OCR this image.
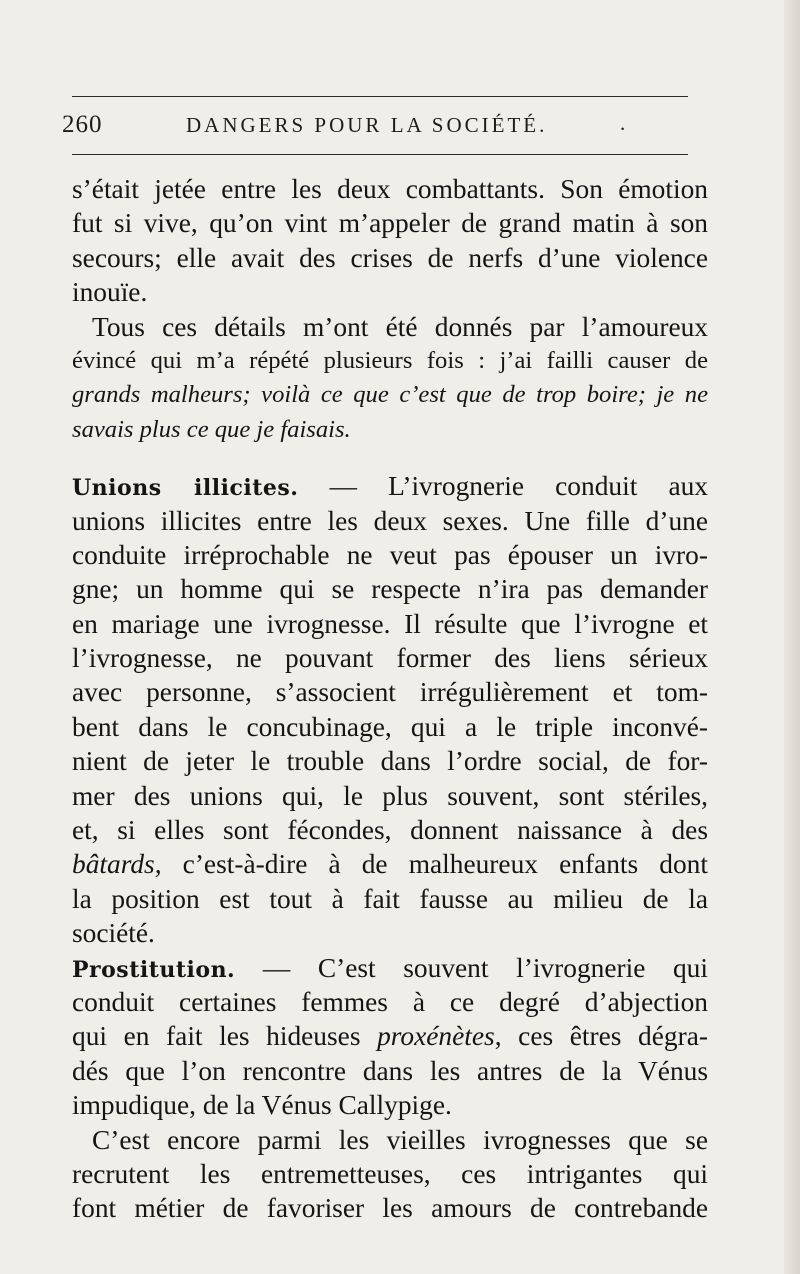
260	DANGERS POUR LA SOCIÉTÉ.	.
s’était jetée entre les deux combattants. Son émotion
fut si vive, qu’on vint m’appeler de grand matin à son
secours; elle avait des crises de nerfs d’une violence
inouïe.
Tous ces détails m’ont été donnés par l’amoureux
évincé qui m’a répété plusieurs fois : j’ai failli causer de
grands malheurs; voilà ce que c’est que de trop boire; je ne
savais plus ce que je faisais.
Unions illicites. — L’ivrognerie conduit aux
unions illicites entre les deux sexes. Une fille d’une
conduite irréprochable ne veut pas épouser un ivro-
gne; un homme qui se respecte n’ira pas demander
en mariage une ivrognesse. Il résulte que l’ivrogne et
l’ivrognesse, ne pouvant former des liens sérieux
avec personne, s’associent irrégulièrement et tom-
bent dans le concubinage, qui a le triple inconvé-
nient de jeter le trouble dans l’ordre social, de for-
mer des unions qui, le plus souvent, sont stériles,
et, si elles sont fécondes, donnent naissance à des
bâtards, c’est-à-dire à de malheureux enfants dont
la position est tout à fait fausse au milieu de la
société.
Prostitution. — C’est souvent l’ivrognerie qui
conduit certaines femmes à ce degré d’abjection
qui en fait les hideuses proxénètes, ces êtres dégra-
dés que l’on rencontre dans les antres de la Vénus
impudique, de la Vénus Callypige.
C’est encore parmi les vieilles ivrognesses que se
recrutent les entremetteuses, ces intrigantes qui
font métier de favoriser les amours de contrebande
